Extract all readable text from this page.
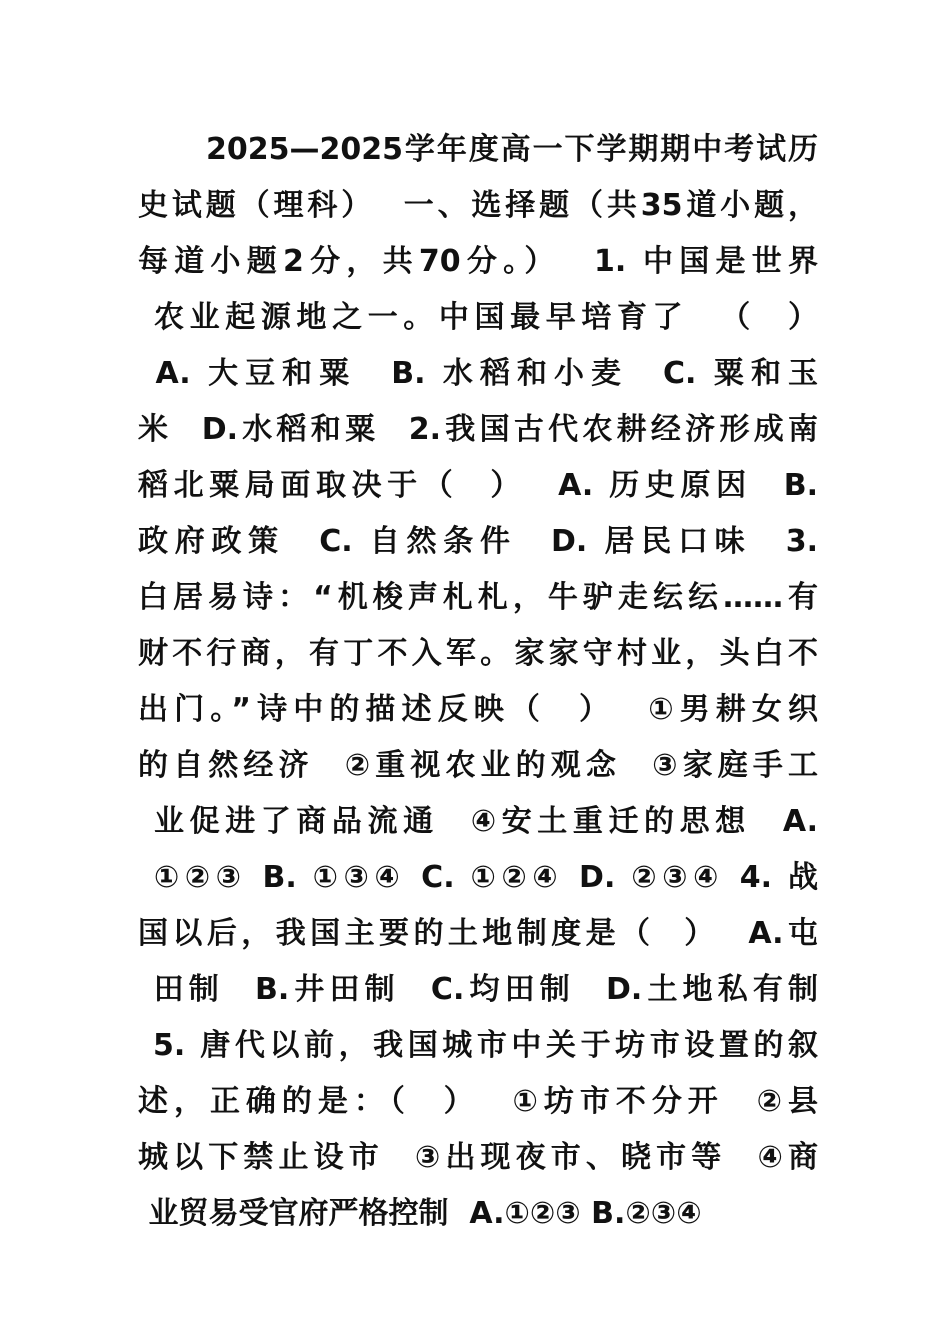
2025—2025学年度高一下学期期中考试历
史试题（理科）  一、选择题（共35道小题，
每道小题2分，共70分。）  1. 中国是世界
农业起源地之一。中国最早培育了  （  ）
A. 大豆和粟  B. 水稻和小麦  C. 粟和玉
米  D.水稻和粟  2.我国古代农耕经济形成南
稻北粟局面取决于（  ）  A. 历史原因  B.
政府政策  C. 自然条件  D. 居民口味  3.
白居易诗：“机梭声札札，牛驴走纭纭……有
财不行商，有丁不入军。家家守村业，头白不
出门。”诗中的描述反映（  ）  ①男耕女织
的自然经济  ②重视农业的观念  ③家庭手工
业促进了商品流通  ④安土重迁的思想  A.
①②③ B. ①③④ C. ①②④ D. ②③④ 4. 战
国以后，我国主要的土地制度是（  ）  A.屯
田制  B.井田制  C.均田制  D.土地私有制
5. 唐代以前，我国城市中关于坊市设置的叙
述，正确的是：（  ）  ①坊市不分开  ②县
城以下禁止设市  ③出现夜市、晓市等  ④商
业贸易受官府严格控制  A.①②③ B.②③④
